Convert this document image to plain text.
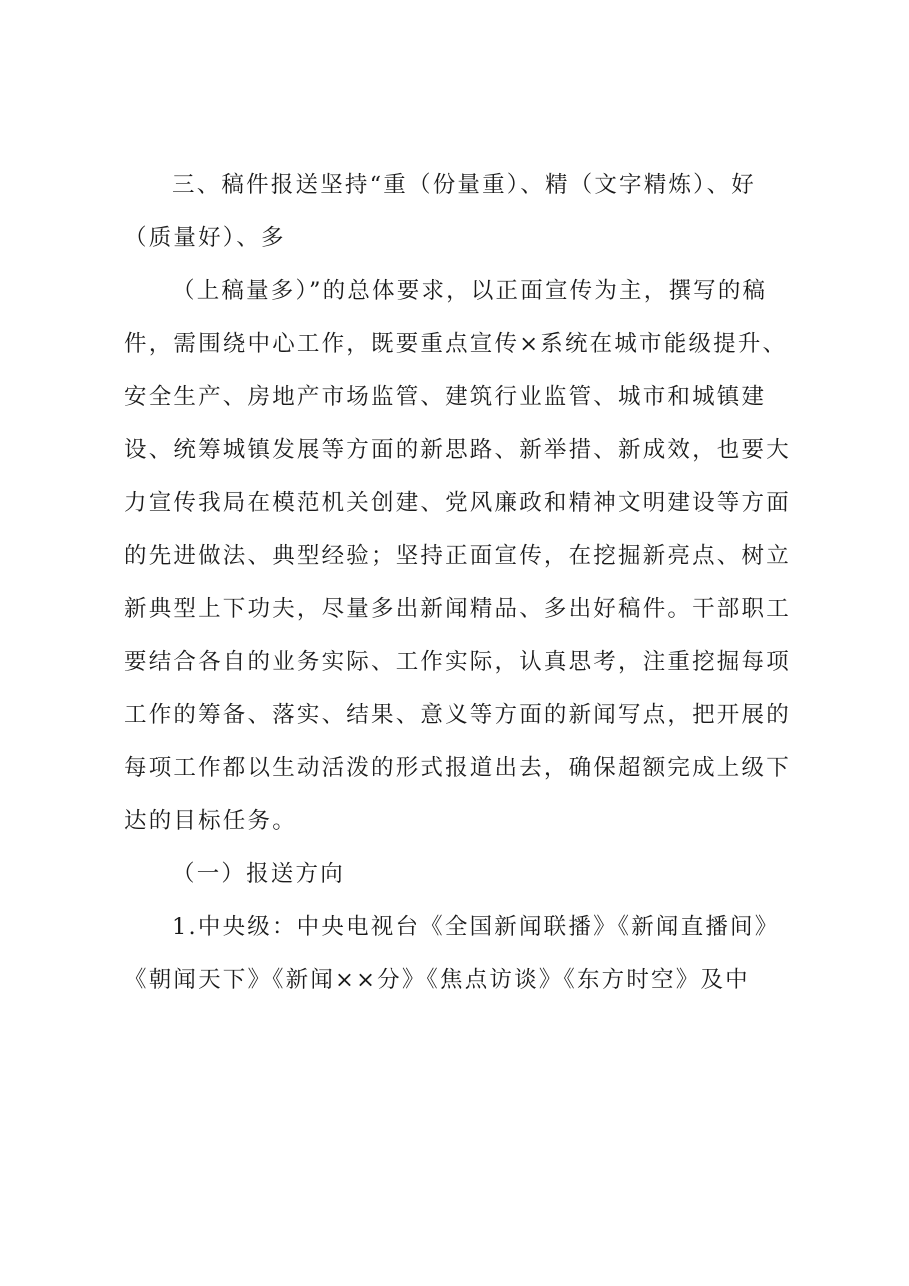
三、稿件报送坚持“重（份量重）、精（文字精炼）、好
（质量好）、多
（上稿量多）”的总体要求，以正面宣传为主，撰写的稿
件，需围绕中心工作，既要重点宣传×系统在城市能级提升、
安全生产、房地产市场监管、建筑行业监管、城市和城镇建
设、统筹城镇发展等方面的新思路、新举措、新成效，也要大
力宣传我局在模范机关创建、党风廉政和精神文明建设等方面
的先进做法、典型经验；坚持正面宣传，在挖掘新亮点、树立
新典型上下功夫，尽量多出新闻精品、多出好稿件。干部职工
要结合各自的业务实际、工作实际，认真思考，注重挖掘每项
工作的筹备、落实、结果、意义等方面的新闻写点，把开展的
每项工作都以生动活泼的形式报道出去，确保超额完成上级下
达的目标任务。
（一）报送方向
1.中央级：中央电视台《全国新闻联播》《新闻直播间》
《朝闻天下》《新闻××分》《焦点访谈》《东方时空》及中
